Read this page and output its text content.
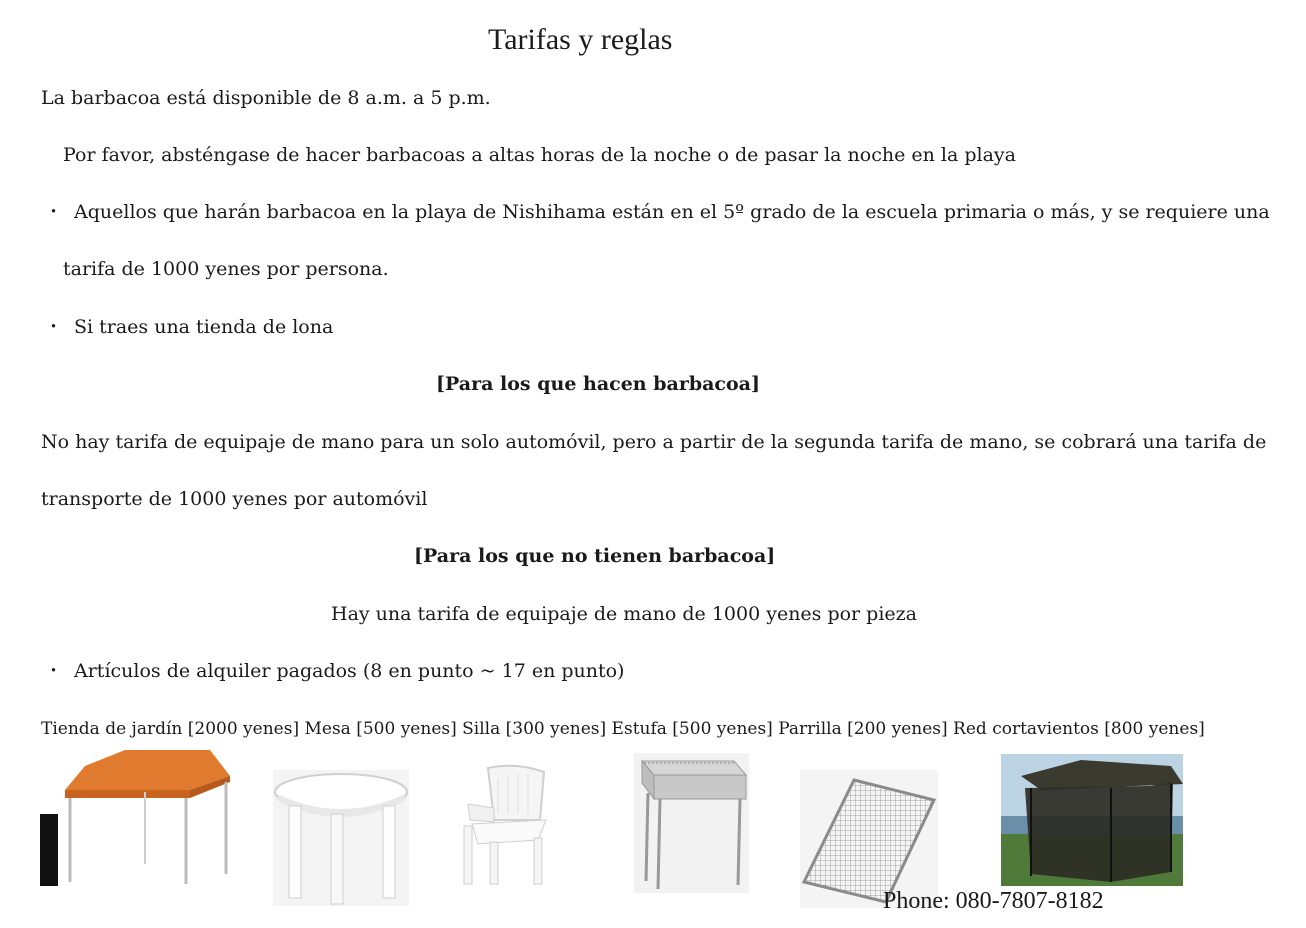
Tarifas y reglas
La barbacoa está disponible de 8 a.m. a 5 p.m.
Por favor, absténgase de hacer barbacoas a altas horas de la noche o de pasar la noche en la playa
・ Aquellos que harán barbacoa en la playa de Nishihama están en el 5º grado de la escuela primaria o más, y se requiere una
tarifa de 1000 yenes por persona.
・ Si traes una tienda de lona
[Para los que hacen barbacoa]
No hay tarifa de equipaje de mano para un solo automóvil, pero a partir de la segunda tarifa de mano, se cobrará una tarifa de
transporte de 1000 yenes por automóvil
[Para los que no tienen barbacoa]
Hay una tarifa de equipaje de mano de 1000 yenes por pieza
・ Artículos de alquiler pagados (8 en punto ~ 17 en punto)
Tienda de jardín [2000 yenes] Mesa [500 yenes] Silla [300 yenes] Estufa [500 yenes] Parrilla [200 yenes] Red cortavientos [800 yenes]
Phone: 080-7807-8182
